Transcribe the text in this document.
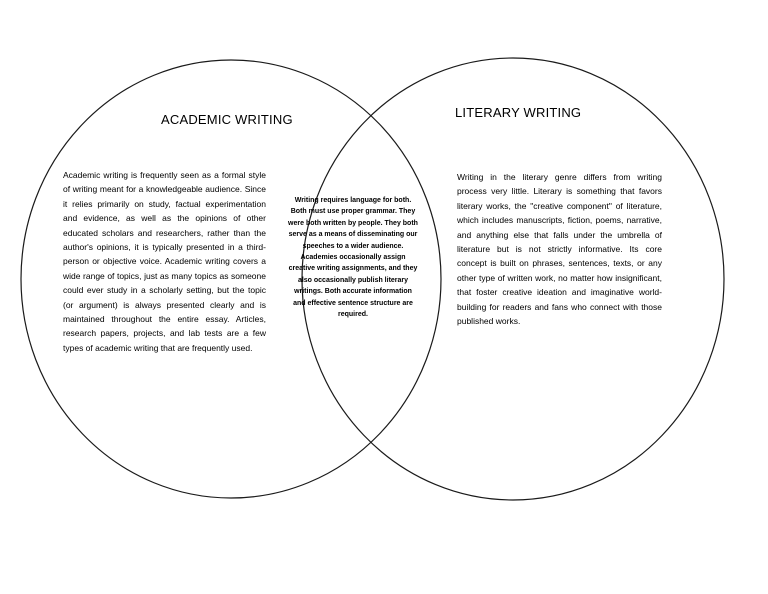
ACADEMIC WRITING	LITERARY WRITING
Academic writing is frequently seen as a formal style of writing meant for a knowledgeable audience. Since it relies primarily on study, factual experimentation and evidence, as well as the opinions of other educated scholars and researchers, rather than the author's opinions, it is typically presented in a third-person or objective voice. Academic writing covers a wide range of topics, just as many topics as someone could ever study in a scholarly setting, but the topic (or argument) is always presented clearly and is maintained throughout the entire essay. Articles, research papers, projects, and lab tests are a few types of academic writing that are frequently used.
Writing requires language for both. Both must use proper grammar. They were both written by people. They both serve as a means of disseminating our speeches to a wider audience. Academies occasionally assign creative writing assignments, and they also occasionally publish literary writings. Both accurate information and effective sentence structure are required.
Writing in the literary genre differs from writing process very little. Literary is something that favors literary works, the "creative component" of literature, which includes manuscripts, fiction, poems, narrative, and anything else that falls under the umbrella of literature but is not strictly informative. Its core concept is built on phrases, sentences, texts, or any other type of written work, no matter how insignificant, that foster creative ideation and imaginative world-building for readers and fans who connect with those published works.
